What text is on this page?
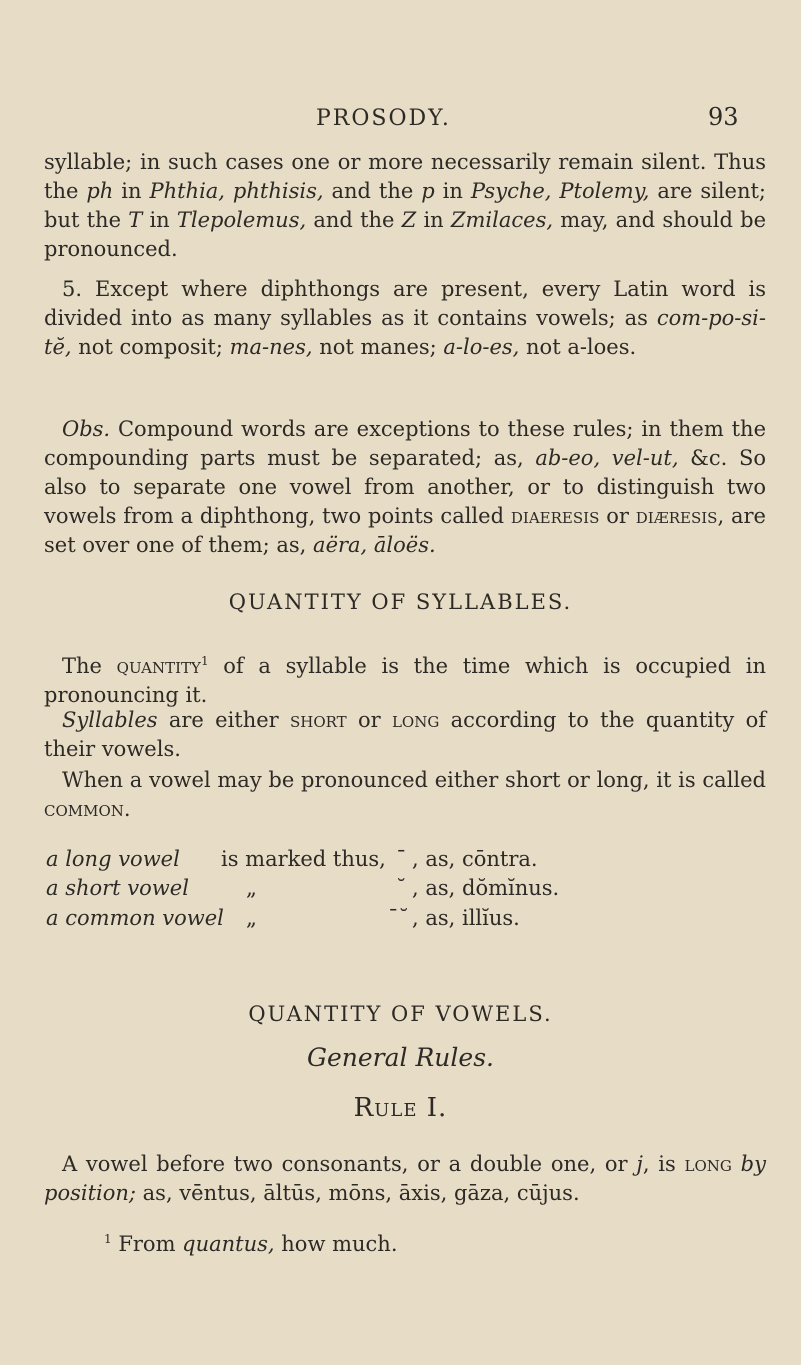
PROSODY.	93

syllable; in such cases one or more necessarily remain silent. Thus the ph in Phthia, phthisis, and the p in Psyche, Ptolemy, are silent; but the T in Tlepolemus, and the Z in Zmilaces, may, and should be pronounced.

5. Except where diphthongs are present, every Latin word is divided into as many syllables as it contains vowels; as com-po-si-tĕ, not composit; ma-nes, not manes; a-lo-es, not a-loes.

Obs. Compound words are exceptions to these rules; in them the compounding parts must be separated; as, ab-eo, vel-ut, &c. So also to separate one vowel from another, or to distinguish two vowels from a diphthong, two points called diaeresis or diæresis, are set over one of them; as, aëra, āloës.

QUANTITY OF SYLLABLES.

The quantity$^1$ of a syllable is the time which is occupied in pronouncing it.

Syllables are either short or long according to the quantity of their vowels.

When a vowel may be pronounced either short or long, it is called common.

a long vowel is marked thus, ¯ , as, cōntra.
a short vowel	„	˘ , as, dŏmĭnus.
a common vowel „	¯˘ , as, illĭus.
QUANTITY OF VOWELS.
General Rules.
Rule I.

A vowel before two consonants, or a double one, or j, is long by position; as, vēntus, āltūs, mōns, āxis, gāza, cūjus.

$^1$ From quantus, how much.
